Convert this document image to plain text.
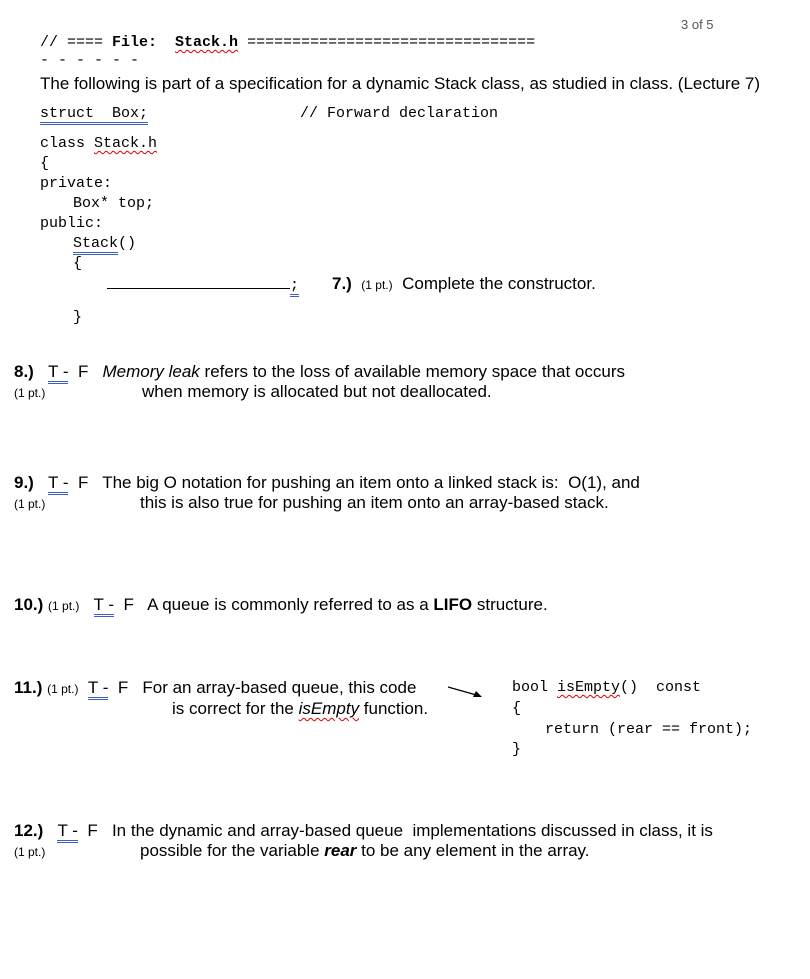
3 of 5
// ==== File: Stack.h ================================
- - - - - -
The following is part of a specification for a dynamic Stack class, as studied in class. (Lecture 7)
struct  Box;	// Forward declaration
class Stack.h
{
private:
Box* top;
public:
Stack()
{
; 7.) (1 pt.) Complete the constructor.
}
8.) T - F Memory leak refers to the loss of available memory space that occurs
(1 pt.)	when memory is allocated but not deallocated.
9.) T - F The big O notation for pushing an item onto a linked stack is:  O(1), and
(1 pt.)	this is also true for pushing an item onto an array-based stack.
10.) (1 pt.) T - F A queue is commonly referred to as a LIFO structure.
11.) (1 pt.) T - F For an array-based queue, this code
is correct for the isEmpty function.
bool isEmpty()  const
{
return (rear == front);
}
12.) T - F In the dynamic and array-based queue  implementations discussed in class, it is
(1 pt.)	possible for the variable rear to be any element in the array.
